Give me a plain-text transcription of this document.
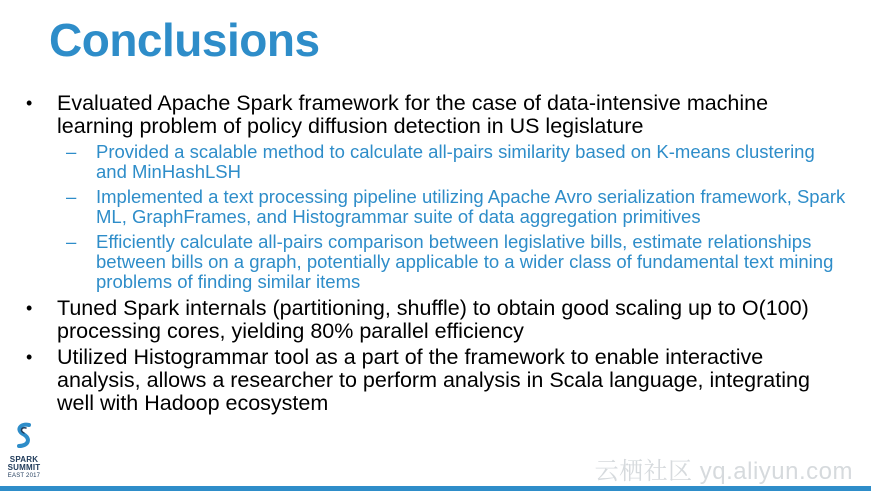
Conclusions
• Evaluated Apache Spark framework for the case of data-intensive machine learning problem of policy diffusion detection in US legislature
– Provided a scalable method to calculate all-pairs similarity based on K-means clustering and MinHashLSH
– Implemented a text processing pipeline utilizing Apache Avro serialization framework, Spark ML, GraphFrames, and Histogrammar suite of data aggregation primitives
– Efficiently calculate all-pairs comparison between legislative bills, estimate relationships between bills on a graph, potentially applicable to a wider class of fundamental text mining problems of finding similar items
• Tuned Spark internals (partitioning, shuffle) to obtain good scaling up to O(100) processing cores, yielding 80% parallel efficiency
• Utilized Histogrammar tool as a part of the framework to enable interactive analysis, allows a researcher to perform analysis in Scala language, integrating well with Hadoop ecosystem
SPARK
SUMMIT
EAST 2017	云栖社区 yq.aliyun.com
